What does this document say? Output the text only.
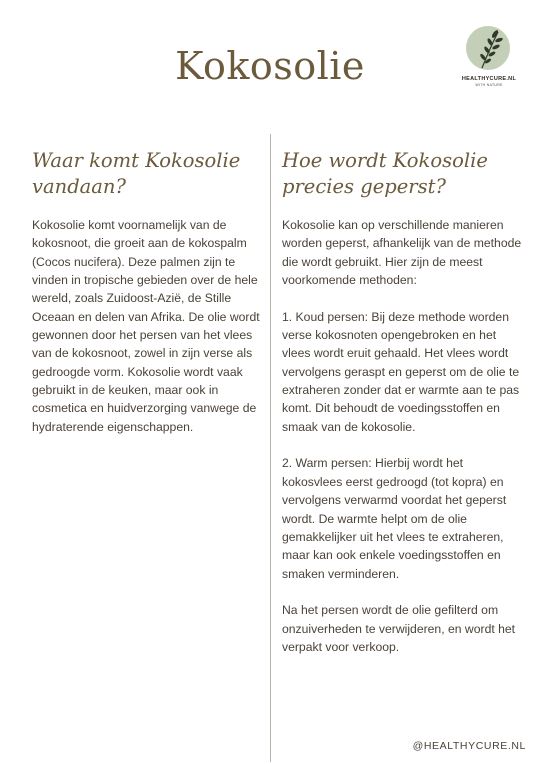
Kokosolie	HEALTHYCURE.NL
WITH NATURE
Waar komt Kokosolie vandaan?
Kokosolie komt voornamelijk van de kokosnoot, die groeit aan de kokospalm (Cocos nucifera). Deze palmen zijn te vinden in tropische gebieden over de hele wereld, zoals Zuidoost-Azië, de Stille Oceaan en delen van Afrika. De olie wordt gewonnen door het persen van het vlees van de kokosnoot, zowel in zijn verse als gedroogde vorm. Kokosolie wordt vaak gebruikt in de keuken, maar ook in cosmetica en huidverzorging vanwege de hydraterende eigenschappen.
Hoe wordt Kokosolie precies geperst?
Kokosolie kan op verschillende manieren worden geperst, afhankelijk van de methode die wordt gebruikt. Hier zijn de meest voorkomende methoden:

1. Koud persen: Bij deze methode worden verse kokosnoten opengebroken en het vlees wordt eruit gehaald. Het vlees wordt vervolgens geraspt en geperst om de olie te extraheren zonder dat er warmte aan te pas komt. Dit behoudt de voedingsstoffen en smaak van de kokosolie.

2. Warm persen: Hierbij wordt het kokosvlees eerst gedroogd (tot kopra) en vervolgens verwarmd voordat het geperst wordt. De warmte helpt om de olie gemakkelijker uit het vlees te extraheren, maar kan ook enkele voedingsstoffen en smaken verminderen.

Na het persen wordt de olie gefilterd om onzuiverheden te verwijderen, en wordt het verpakt voor verkoop.
@HEALTHYCURE.NL
